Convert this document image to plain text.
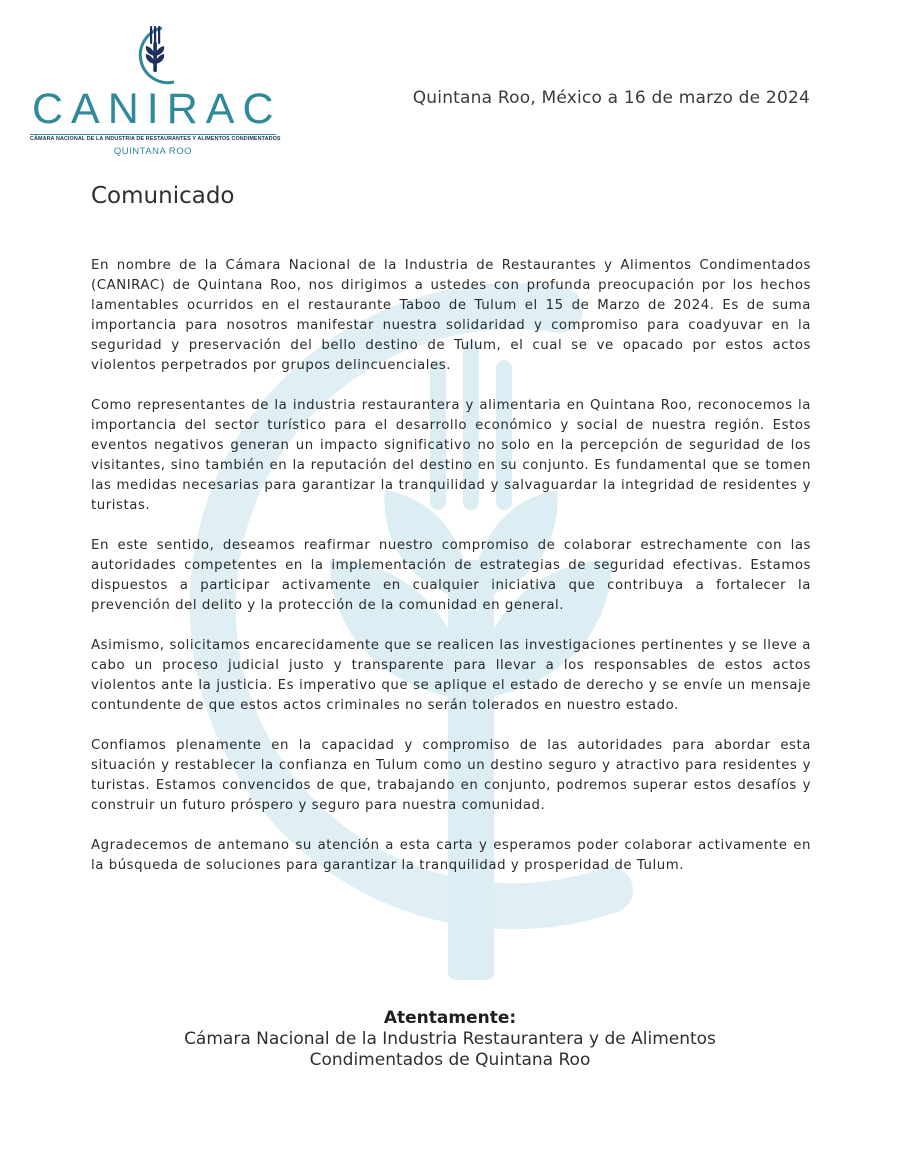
CANIRAC
CÁMARA NACIONAL DE LA INDUSTRIA DE RESTAURANTES Y ALIMENTOS CONDIMENTADOS
QUINTANA ROO
Quintana Roo, México a 16 de marzo de 2024
Comunicado

En nombre de la Cámara Nacional de la Industria de Restaurantes y Alimentos Condimentados (CANIRAC) de Quintana Roo, nos dirigimos a ustedes con profunda preocupación por los hechos lamentables ocurridos en el restaurante Taboo de Tulum el 15 de Marzo de 2024. Es de suma importancia para nosotros manifestar nuestra solidaridad y compromiso para coadyuvar en la seguridad y preservación del bello destino de Tulum, el cual se ve opacado por estos actos violentos perpetrados por grupos delincuenciales.

Como representantes de la industria restaurantera y alimentaria en Quintana Roo, reconocemos la importancia del sector turístico para el desarrollo económico y social de nuestra región. Estos eventos negativos generan un impacto significativo no solo en la percepción de seguridad de los visitantes, sino también en la reputación del destino en su conjunto. Es fundamental que se tomen las medidas necesarias para garantizar la tranquilidad y salvaguardar la integridad de residentes y turistas.

En este sentido, deseamos reafirmar nuestro compromiso de colaborar estrechamente con las autoridades competentes en la implementación de estrategias de seguridad efectivas. Estamos dispuestos a participar activamente en cualquier iniciativa que contribuya a fortalecer la prevención del delito y la protección de la comunidad en general.

Asimismo, solicitamos encarecidamente que se realicen las investigaciones pertinentes y se lleve a cabo un proceso judicial justo y transparente para llevar a los responsables de estos actos violentos ante la justicia. Es imperativo que se aplique el estado de derecho y se envíe un mensaje contundente de que estos actos criminales no serán tolerados en nuestro estado.

Confiamos plenamente en la capacidad y compromiso de las autoridades para abordar esta situación y restablecer la confianza en Tulum como un destino seguro y atractivo para residentes y turistas. Estamos convencidos de que, trabajando en conjunto, podremos superar estos desafíos y construir un futuro próspero y seguro para nuestra comunidad.

Agradecemos de antemano su atención a esta carta y esperamos poder colaborar activamente en la búsqueda de soluciones para garantizar la tranquilidad y prosperidad de Tulum.

Atentamente:
Cámara Nacional de la Industria Restaurantera y de Alimentos
Condimentados de Quintana Roo
